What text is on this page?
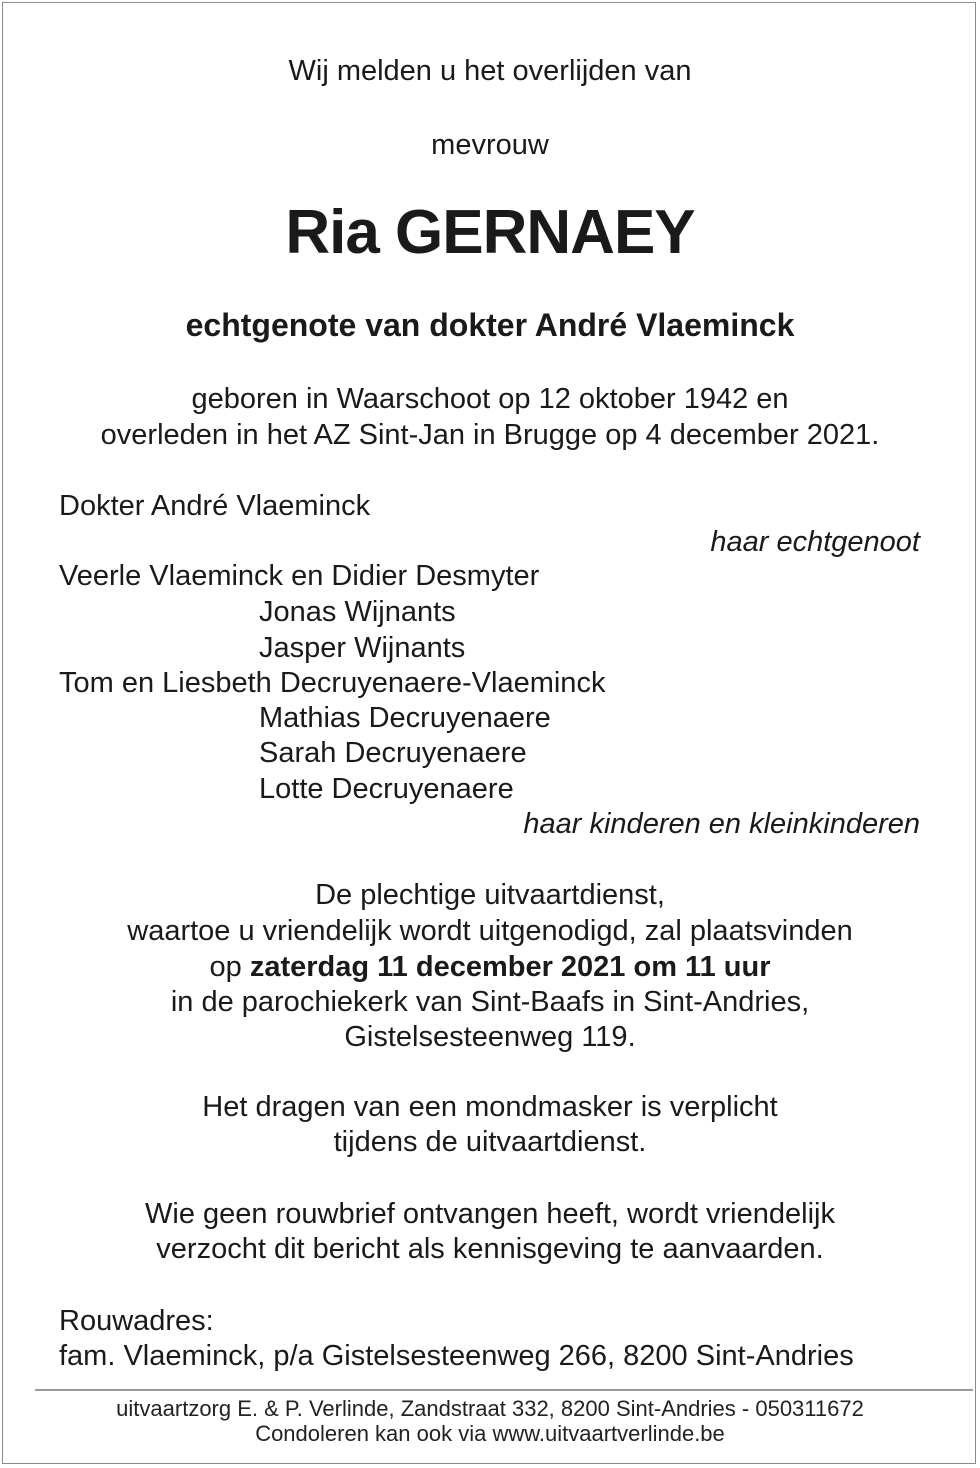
Wij melden u het overlijden van
mevrouw
Ria GERNAEY
echtgenote van dokter André Vlaeminck
geboren in Waarschoot op 12 oktober 1942 en
overleden in het AZ Sint-Jan in Brugge op 4 december 2021.
Dokter André Vlaeminck
haar echtgenoot
Veerle Vlaeminck en Didier Desmyter
Jonas Wijnants
Jasper Wijnants
Tom en Liesbeth Decruyenaere-Vlaeminck
Mathias Decruyenaere
Sarah Decruyenaere
Lotte Decruyenaere
haar kinderen en kleinkinderen
De plechtige uitvaartdienst,
waartoe u vriendelijk wordt uitgenodigd, zal plaatsvinden
op zaterdag 11 december 2021 om 11 uur
in de parochiekerk van Sint-Baafs in Sint-Andries,
Gistelsesteenweg 119.
Het dragen van een mondmasker is verplicht
tijdens de uitvaartdienst.
Wie geen rouwbrief ontvangen heeft, wordt vriendelijk
verzocht dit bericht als kennisgeving te aanvaarden.
Rouwadres:
fam. Vlaeminck, p/a Gistelsesteenweg 266, 8200 Sint-Andries
uitvaartzorg E. & P. Verlinde, Zandstraat 332, 8200 Sint-Andries - 050311672
Condoleren kan ook via www.uitvaartverlinde.be
